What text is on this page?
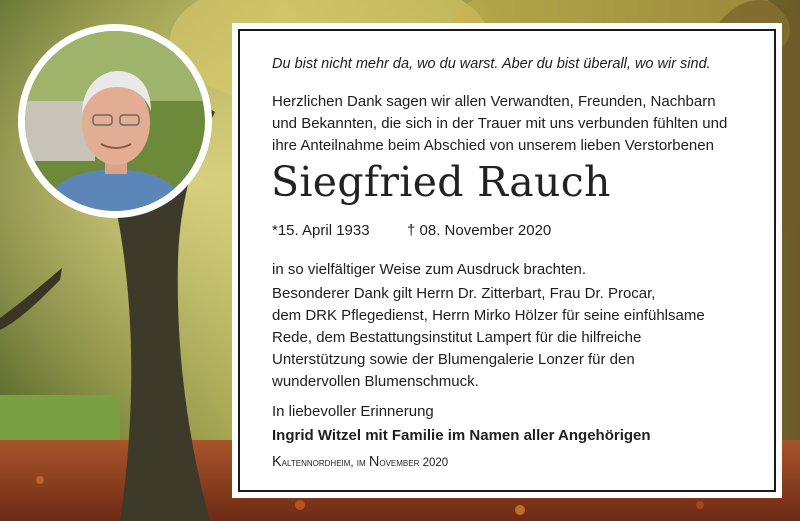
Du bist nicht mehr da, wo du warst. Aber du bist überall, wo wir sind.
Herzlichen Dank sagen wir allen Verwandten, Freunden, Nachbarn
und Bekannten, die sich in der Trauer mit uns verbunden fühlten und
ihre Anteilnahme beim Abschied von unserem lieben Verstorbenen
Siegfried Rauch
*15. April 1933 † 08. November 2020
in so vielfältiger Weise zum Ausdruck brachten.
Besonderer Dank gilt Herrn Dr. Zitterbart, Frau Dr. Procar,
dem DRK Pflegedienst, Herrn Mirko Hölzer für seine einfühlsame
Rede, dem Bestattungsinstitut Lampert für die hilfreiche
Unterstützung sowie der Blumengalerie Lonzer für den
wundervollen Blumenschmuck.
In liebevoller Erinnerung
Ingrid Witzel mit Familie im Namen aller Angehörigen
Kaltennordheim, im November 2020
